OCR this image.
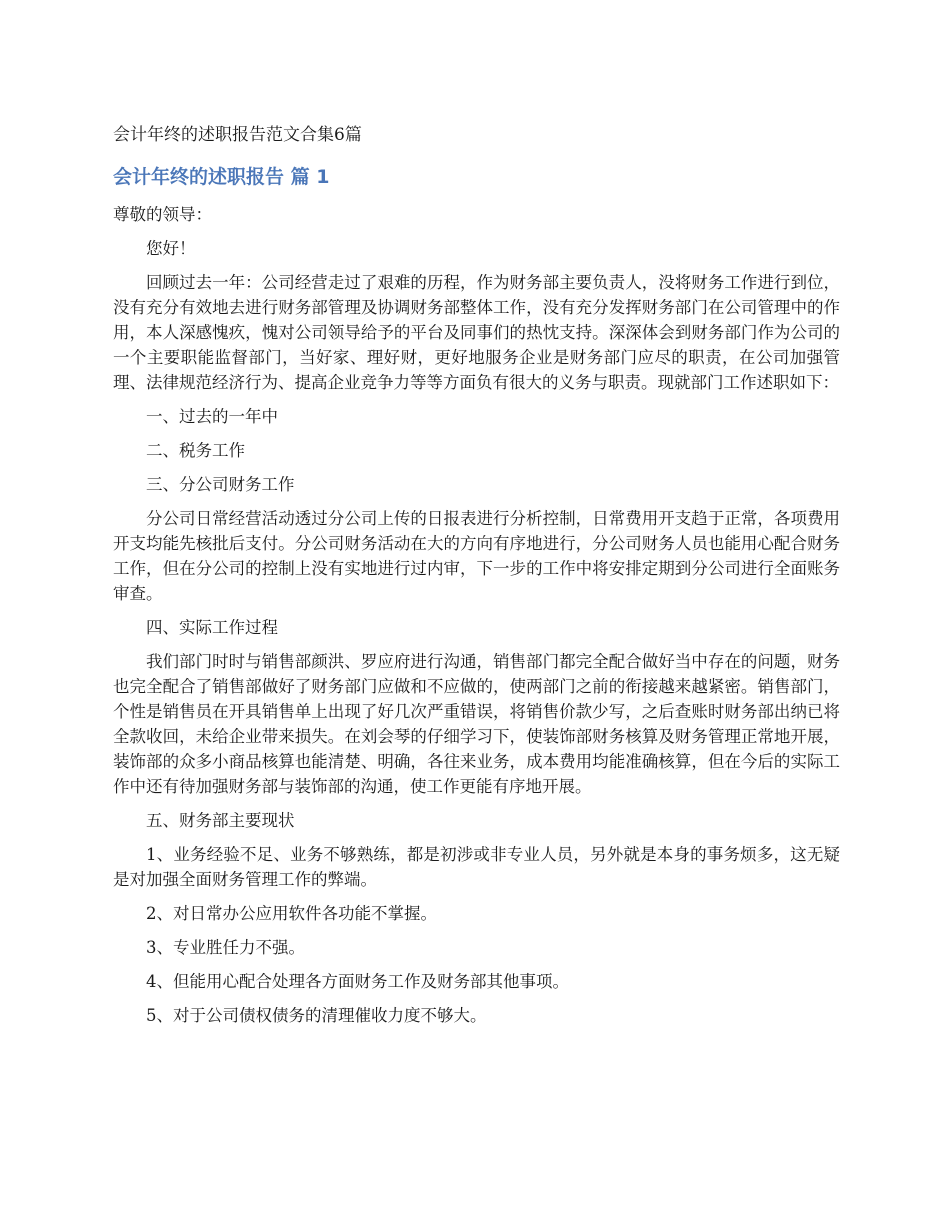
会计年终的述职报告范文合集6篇
会计年终的述职报告 篇 1

尊敬的领导：

您好！

回顾过去一年：公司经营走过了艰难的历程，作为财务部主要负责人，没将财务工作进行到位，没有充分有效地去进行财务部管理及协调财务部整体工作，没有充分发挥财务部门在公司管理中的作用，本人深感愧疚，愧对公司领导给予的平台及同事们的热忱支持。深深体会到财务部门作为公司的一个主要职能监督部门，当好家、理好财，更好地服务企业是财务部门应尽的职责，在公司加强管理、法律规范经济行为、提高企业竞争力等等方面负有很大的义务与职责。现就部门工作述职如下：

一、过去的一年中

二、税务工作

三、分公司财务工作

分公司日常经营活动透过分公司上传的日报表进行分析控制，日常费用开支趋于正常，各项费用开支均能先核批后支付。分公司财务活动在大的方向有序地进行，分公司财务人员也能用心配合财务工作，但在分公司的控制上没有实地进行过内审，下一步的工作中将安排定期到分公司进行全面账务审查。

四、实际工作过程

我们部门时时与销售部颜洪、罗应府进行沟通，销售部门都完全配合做好当中存在的问题，财务也完全配合了销售部做好了财务部门应做和不应做的，使两部门之前的衔接越来越紧密。销售部门，个性是销售员在开具销售单上出现了好几次严重错误，将销售价款少写，之后查账时财务部出纳已将全款收回，未给企业带来损失。在刘会琴的仔细学习下，使装饰部财务核算及财务管理正常地开展，装饰部的众多小商品核算也能清楚、明确，各往来业务，成本费用均能准确核算，但在今后的实际工作中还有待加强财务部与装饰部的沟通，使工作更能有序地开展。

五、财务部主要现状

1、业务经验不足、业务不够熟练，都是初涉或非专业人员，另外就是本身的事务烦多，这无疑是对加强全面财务管理工作的弊端。

2、对日常办公应用软件各功能不掌握。

3、专业胜任力不强。

4、但能用心配合处理各方面财务工作及财务部其他事项。

5、对于公司债权债务的清理催收力度不够大。
